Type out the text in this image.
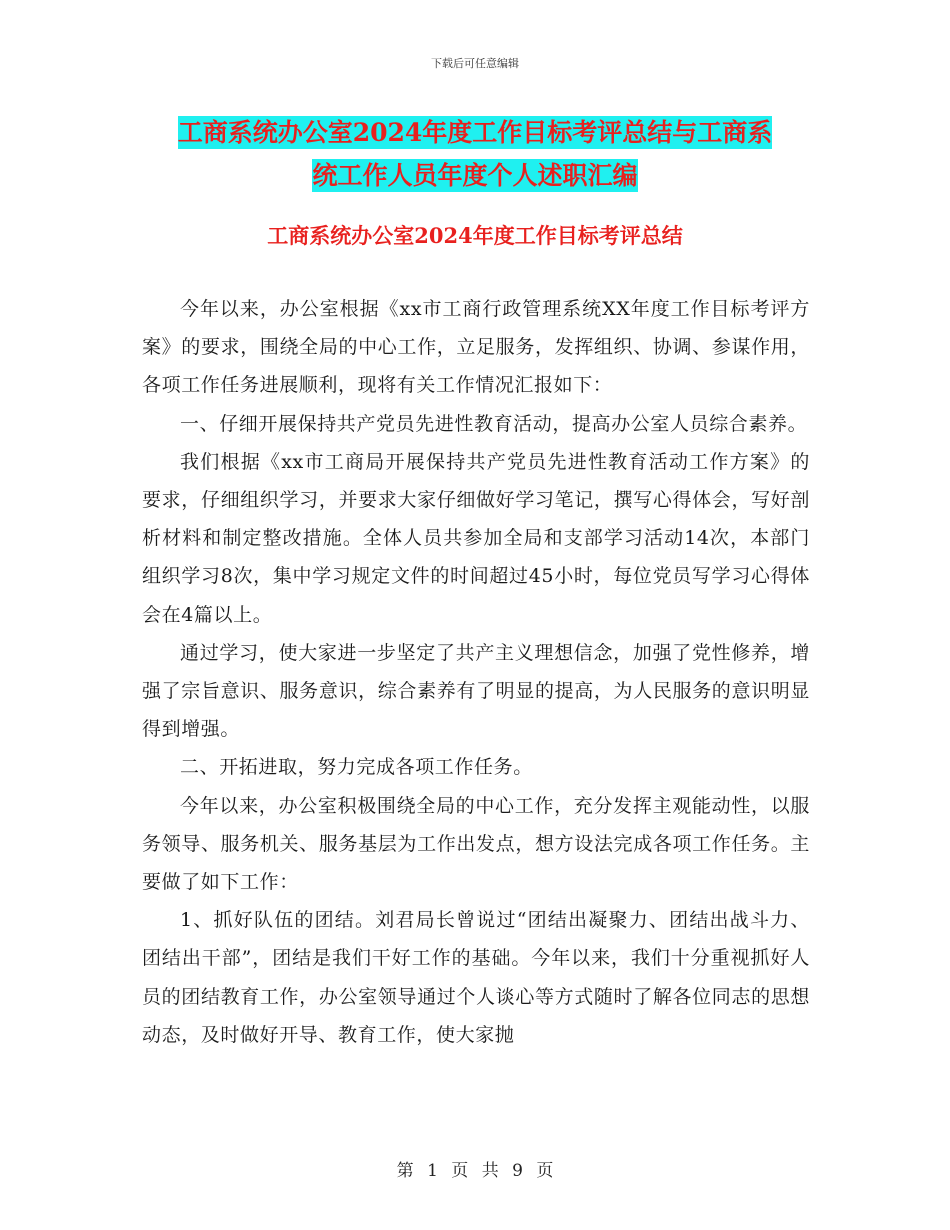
下载后可任意编辑
工商系统办公室2024年度工作目标考评总结与工商系
统工作人员年度个人述职汇编
工商系统办公室2024年度工作目标考评总结

今年以来，办公室根据《xx市工商行政管理系统XX年度工作目标考评方案》的要求，围绕全局的中心工作，立足服务，发挥组织、协调、参谋作用，各项工作任务进展顺利，现将有关工作情况汇报如下：

一、仔细开展保持共产党员先进性教育活动，提高办公室人员综合素养。

我们根据《xx市工商局开展保持共产党员先进性教育活动工作方案》的要求，仔细组织学习，并要求大家仔细做好学习笔记，撰写心得体会，写好剖析材料和制定整改措施。全体人员共参加全局和支部学习活动14次，本部门组织学习8次，集中学习规定文件的时间超过45小时，每位党员写学习心得体会在4篇以上。

通过学习，使大家进一步坚定了共产主义理想信念，加强了党性修养，增强了宗旨意识、服务意识，综合素养有了明显的提高，为人民服务的意识明显得到增强。

二、开拓进取，努力完成各项工作任务。

今年以来，办公室积极围绕全局的中心工作，充分发挥主观能动性，以服务领导、服务机关、服务基层为工作出发点，想方设法完成各项工作任务。主要做了如下工作：

1、抓好队伍的团结。刘君局长曾说过“团结出凝聚力、团结出战斗力、团结出干部”，团结是我们干好工作的基础。今年以来，我们十分重视抓好人员的团结教育工作，办公室领导通过个人谈心等方式随时了解各位同志的思想动态，及时做好开导、教育工作，使大家抛

第 1 页 共 9 页
